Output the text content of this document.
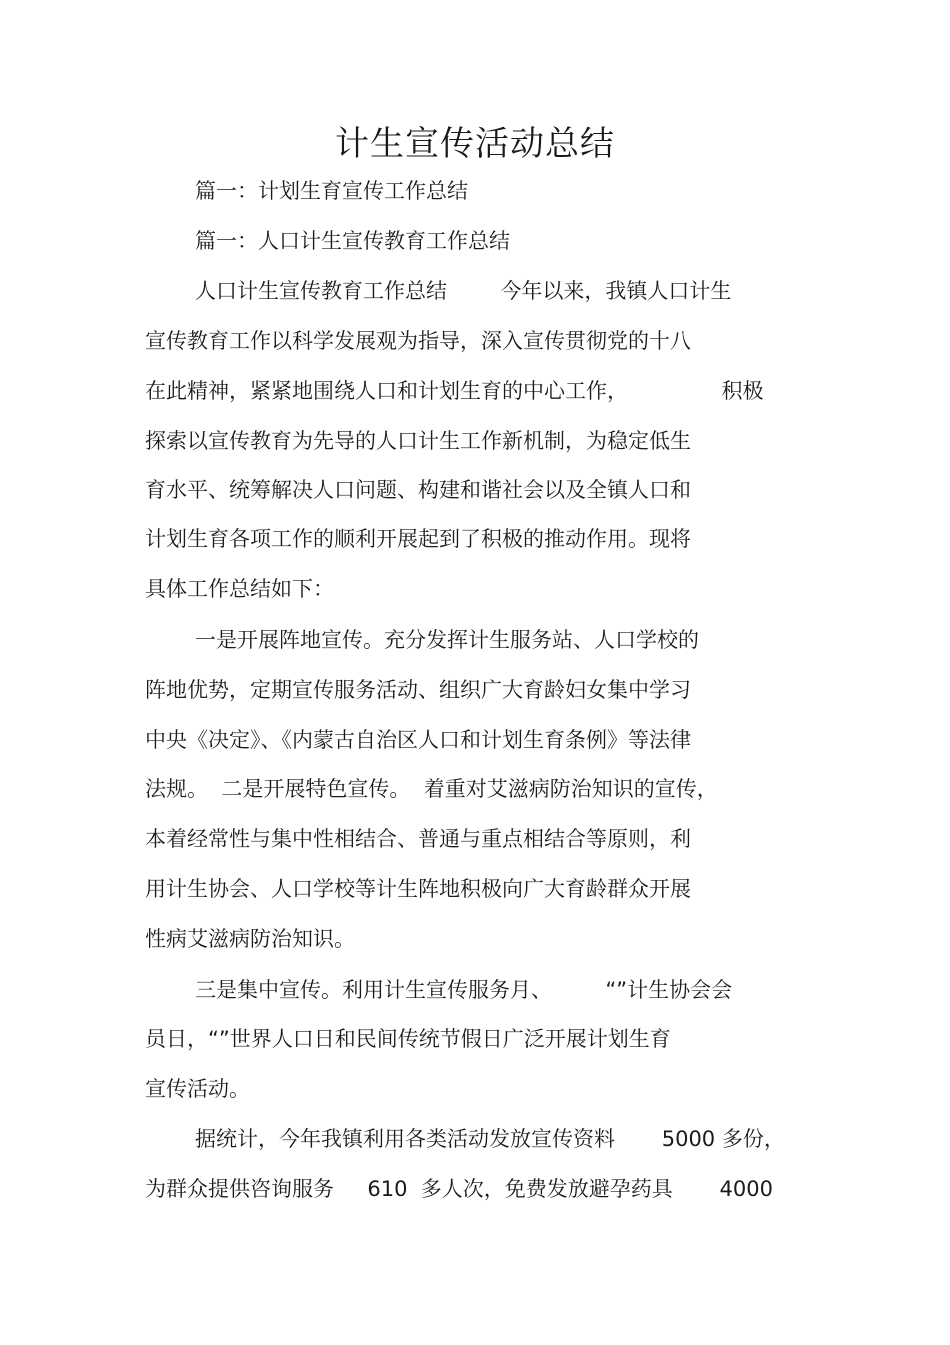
计生宣传活动总结
篇一：计划生育宣传工作总结
篇一：人口计生宣传教育工作总结
人口计生宣传教育工作总结        今年以来，我镇人口计生
宣传教育工作以科学发展观为指导，深入宣传贯彻党的十八
在此精神，紧紧地围绕人口和计划生育的中心工作，              积极
探索以宣传教育为先导的人口计生工作新机制，为稳定低生
育水平、统筹解决人口问题、构建和谐社会以及全镇人口和
计划生育各项工作的顺利开展起到了积极的推动作用。现将
具体工作总结如下：
一是开展阵地宣传。充分发挥计生服务站、人口学校的
阵地优势，定期宣传服务活动、组织广大育龄妇女集中学习
中央《决定》、《内蒙古自治区人口和计划生育条例》等法律
法规。  二是开展特色宣传。  着重对艾滋病防治知识的宣传，
本着经常性与集中性相结合、普通与重点相结合等原则，利
用计生协会、人口学校等计生阵地积极向广大育龄群众开展
性病艾滋病防治知识。
三是集中宣传。利用计生宣传服务月、        “”计生协会会
员日，“”世界人口日和民间传统节假日广泛开展计划生育
宣传活动。
据统计，今年我镇利用各类活动发放宣传资料       5000 多份，
为群众提供咨询服务     610  多人次，免费发放避孕药具       4000
